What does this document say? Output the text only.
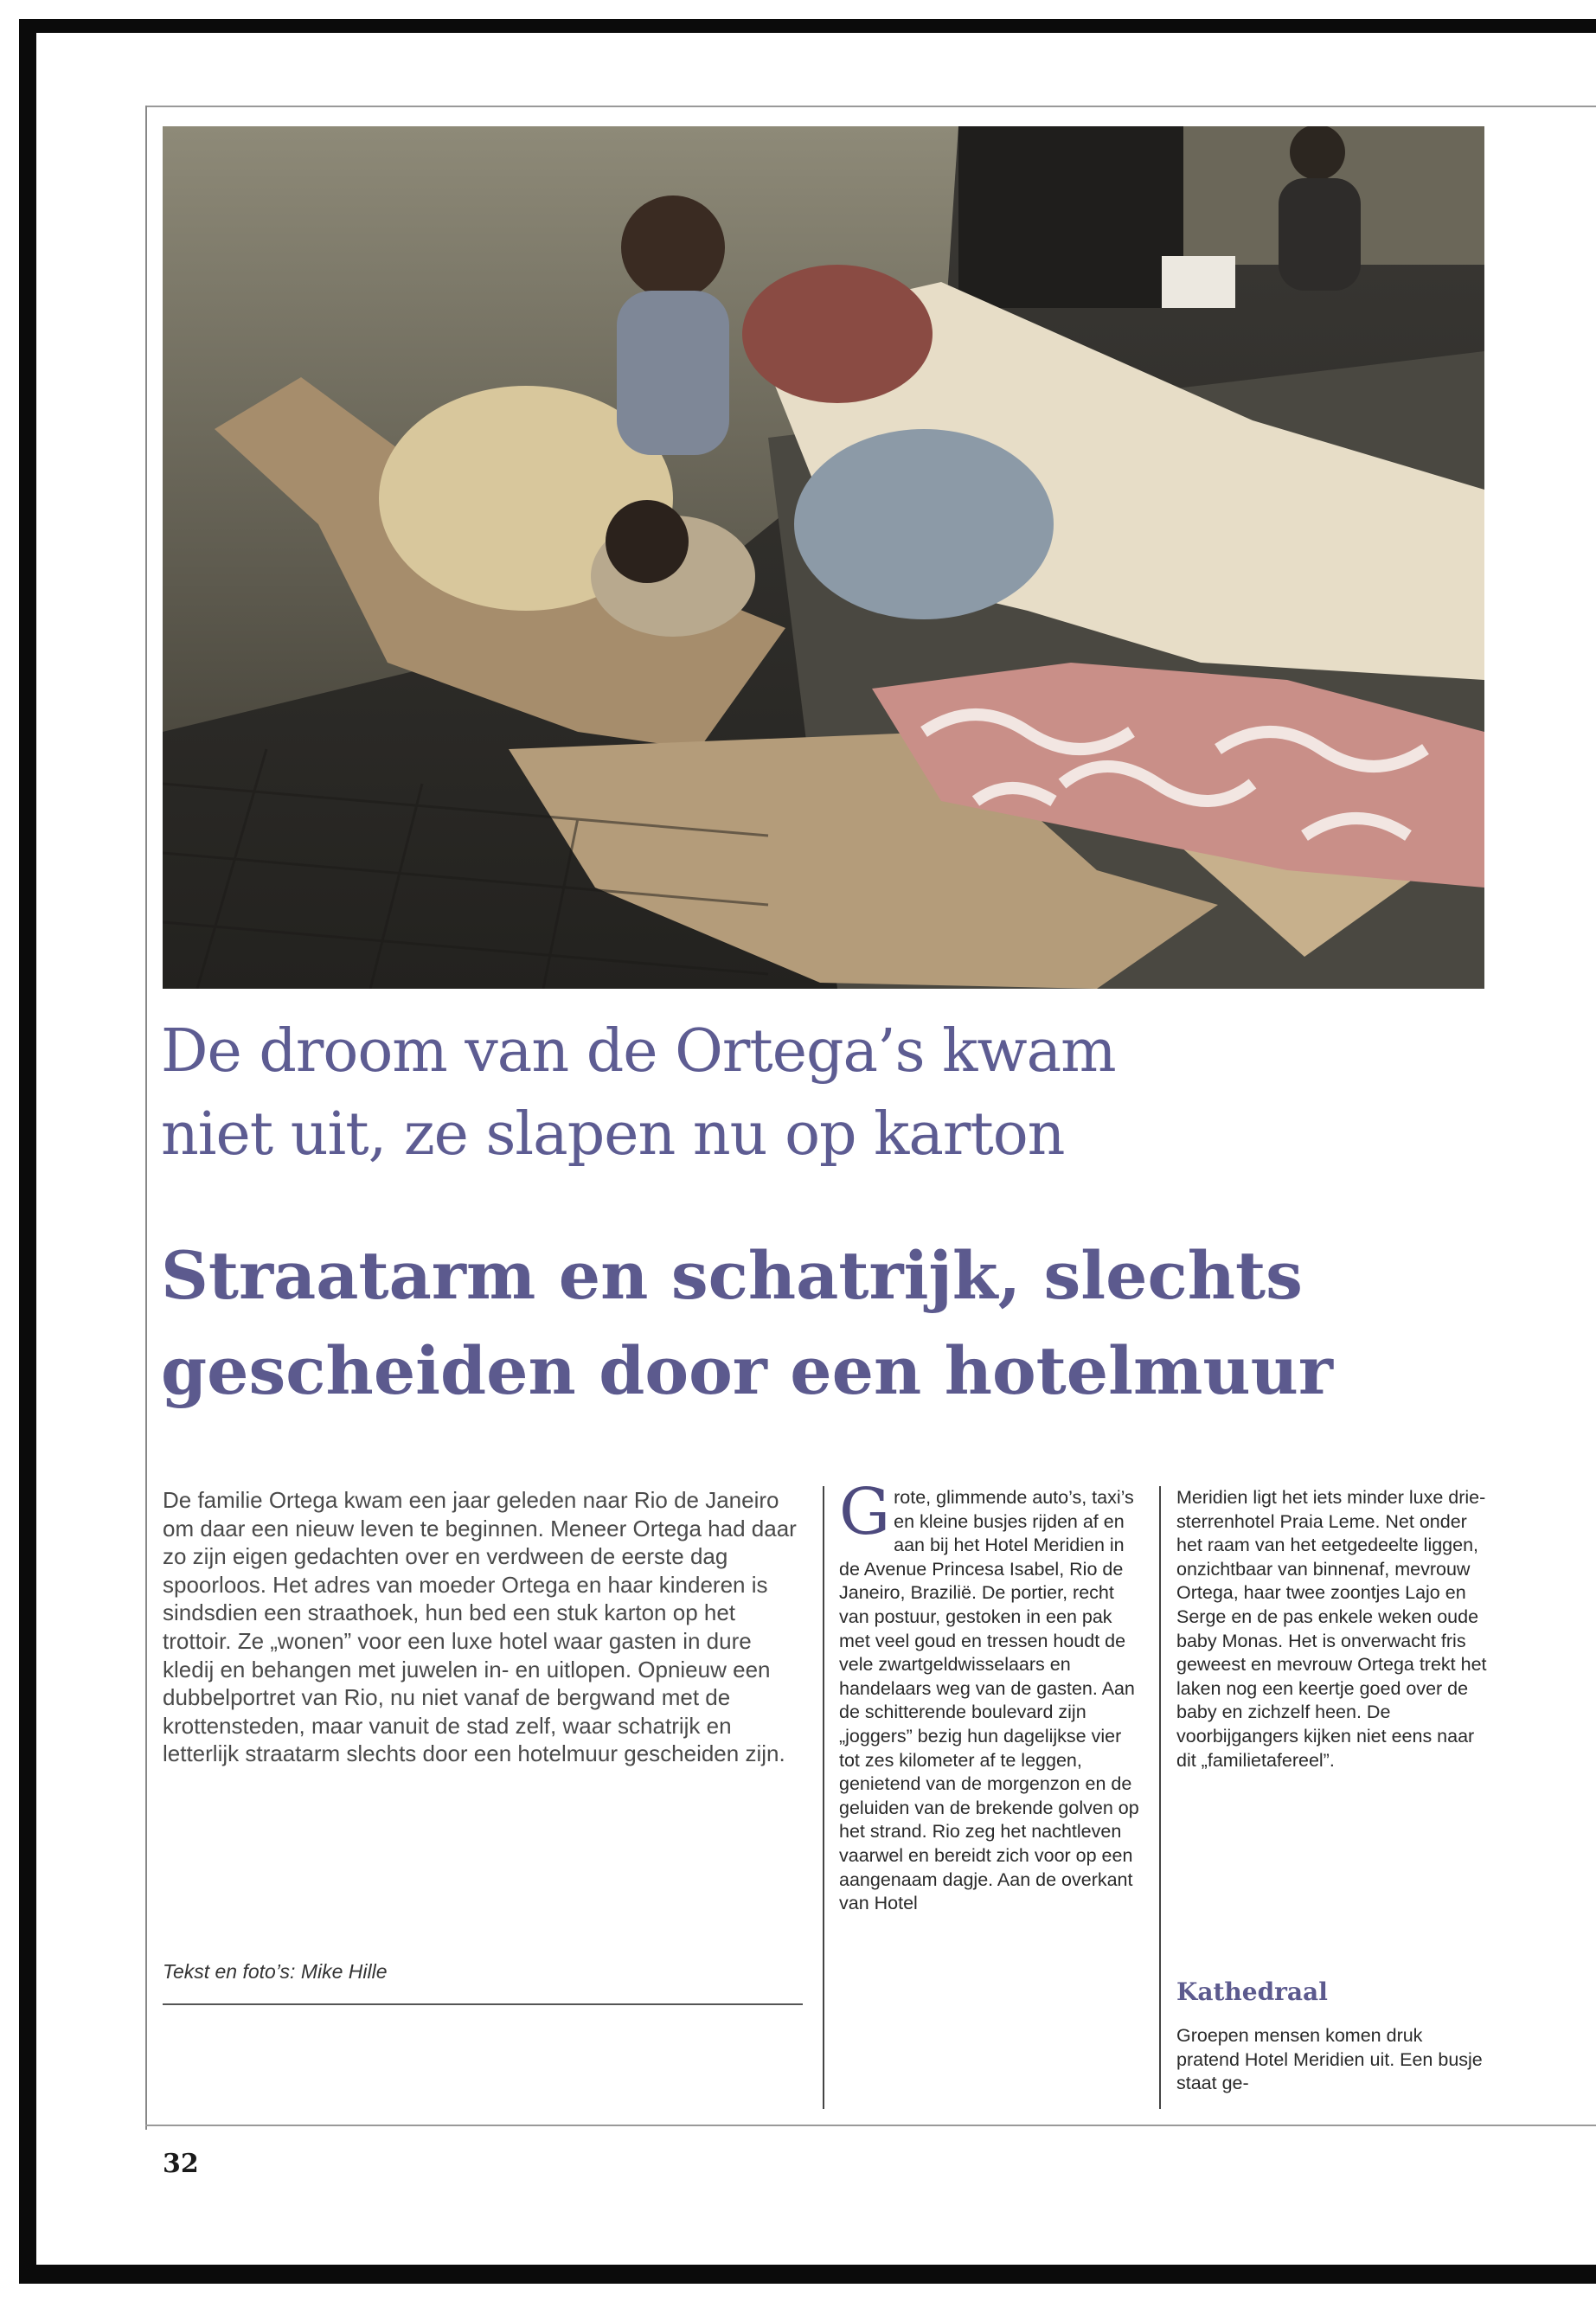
De droom van de Ortega’s kwam
niet uit, ze slapen nu op karton
Straatarm en schatrijk, slechts
gescheiden door een hotelmuur

De familie Ortega kwam een jaar geleden naar Rio de Janeiro om daar een nieuw leven te beginnen. Meneer Ortega had daar zo zijn eigen gedachten over en verdween de eerste dag spoorloos. Het adres van moeder Ortega en haar kinderen is sindsdien een straathoek, hun bed een stuk karton op het trottoir. Ze „wonen” voor een luxe hotel waar gasten in dure kledij en behangen met juwelen in- en uitlopen. Opnieuw een dubbelportret van Rio, nu niet vanaf de bergwand met de krottensteden, maar vanuit de stad zelf, waar schatrijk en letterlijk straatarm slechts door een hotelmuur gescheiden zijn.

Tekst en foto’s: Mike Hille
Grote, glimmende auto’s, taxi’s en kleine busjes rijden af en aan bij het Hotel Meridien in de Avenue Princesa Isabel, Rio de Janeiro, Brazilië. De portier, recht van postuur, gestoken in een pak met veel goud en tressen houdt de vele zwartgeldwisselaars en handelaars weg van de gasten. Aan de schitterende boulevard zijn „joggers” bezig hun dagelijkse vier tot zes kilometer af te leggen, genietend van de morgenzon en de geluiden van de brekende golven op het strand. Rio zeg het nachtleven vaarwel en bereidt zich voor op een aangenaam dagje. Aan de overkant van Hotel
Meridien ligt het iets minder luxe drie-sterrenhotel Praia Leme. Net onder het raam van het eetgedeelte liggen, onzichtbaar van binnenaf, mevrouw Ortega, haar twee zoontjes Lajo en Serge en de pas enkele weken oude baby Monas. Het is onverwacht fris geweest en mevrouw Ortega trekt het laken nog een keertje goed over de baby en zichzelf heen. De voorbijgangers kijken niet eens naar dit „familietafereel”.
Kathedraal
Groepen mensen komen druk pratend Hotel Meridien uit. Een busje staat ge-
32
